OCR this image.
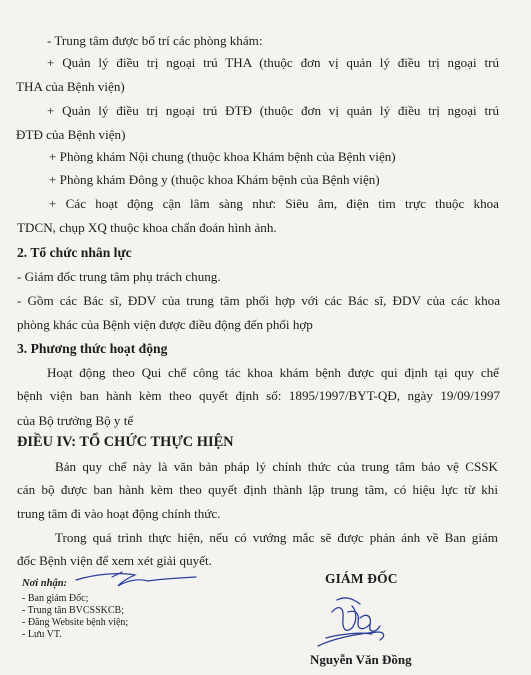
- Trung tâm được bố trí các phòng khám:

+ Quản lý điều trị ngoại trú THA (thuộc đơn vị quản lý điều trị ngoại trú

THA của Bệnh viện)

+ Quản lý điều trị ngoại trú ĐTĐ (thuộc đơn vị quản lý điều trị ngoại trú

ĐTĐ của Bệnh viện)

+ Phòng khám Nội chung (thuộc khoa Khám bệnh của Bệnh viện)

+ Phòng khám Đông y (thuộc khoa Khám bệnh của Bệnh viện)

+ Các hoạt động cận lâm sàng như: Siêu âm, điện tim trực thuộc khoa

TDCN, chụp XQ thuộc khoa chẩn đoán hình ảnh.

2. Tổ chức nhân lực

- Giám đốc trung tâm phụ trách chung.

- Gồm các Bác sĩ, ĐDV của trung tâm phối hợp với các Bác sĩ, ĐDV của các khoa

phòng khác của Bệnh viện được điều động đến phối hợp

3. Phương thức hoạt động

Hoạt động theo Qui chế công tác khoa khám bệnh được qui định tại quy chế

bệnh viện ban hành kèm theo quyết định số: 1895/1997/BYT-QĐ, ngày 19/09/1997

của Bộ trưởng Bộ y tế

ĐIỀU IV: TỔ CHỨC THỰC HIỆN

Bản quy chế này là văn bản pháp lý chính thức của trung tâm bảo vệ CSSK

cán bộ được ban hành kèm theo quyết định thành lập trung tâm, có hiệu lực từ khi

trung tâm đi vào hoạt động chính thức.

Trong quá trình thực hiện, nếu có vướng mắc sẽ được phản ánh về Ban giám

đốc Bệnh viện để xem xét giải quyết.

Nơi nhận:
- Ban giám Đốc;
- Trung tân BVCSSKCB;
- Đăng Website bệnh viện;
- Lưu VT.
GIÁM ĐỐC
Nguyễn Văn Đồng
